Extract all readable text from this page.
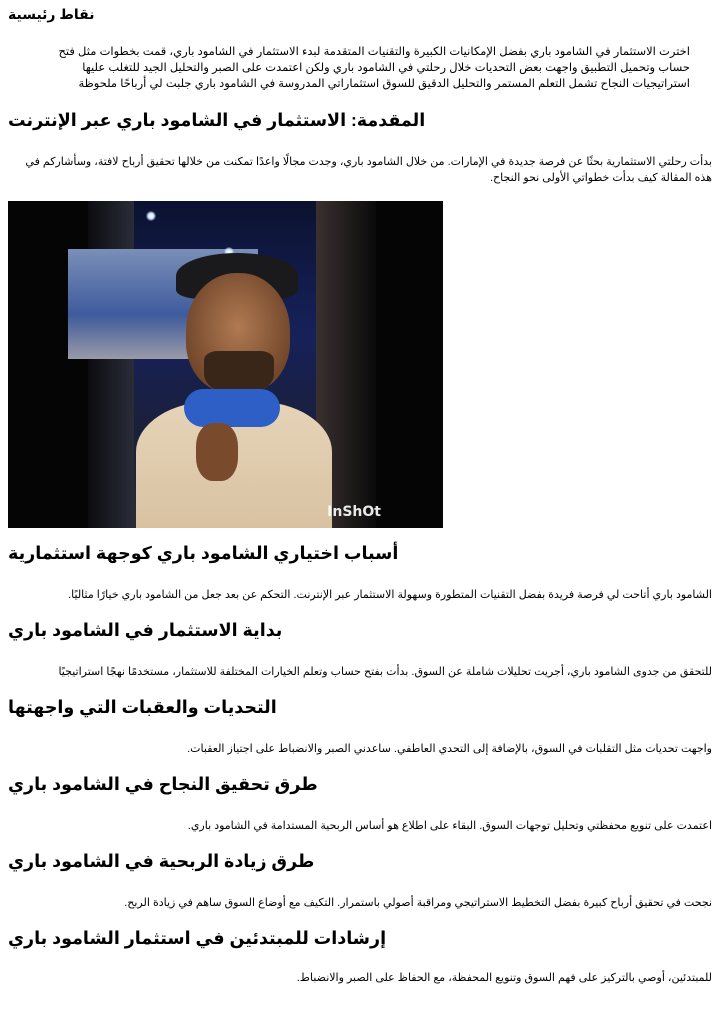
نقاط رئيسية
اخترت الاستثمار في الشامود باري بفضل الإمكانيات الكبيرة والتقنيات المتقدمة لبدء الاستثمار في الشامود باري، قمت بخطوات مثل فتح حساب وتحميل التطبيق واجهت بعض التحديات خلال رحلتي في الشامود باري ولكن اعتمدت على الصبر والتحليل الجيد للتغلب عليها استراتيجيات النجاح تشمل التعلم المستمر والتحليل الدقيق للسوق استثماراتي المدروسة في الشامود باري جلبت لي أرباحًا ملحوظة
المقدمة: الاستثمار في الشامود باري عبر الإنترنت
بدأت رحلتي الاستثمارية بحثًا عن فرصة جديدة في الإمارات. من خلال الشامود باري، وجدت مجالًا واعدًا تمكنت من خلالها تحقيق أرباح لافتة، وسأشاركم في هذه المقالة كيف بدأت خطواتي الأولى نحو النجاح.
InShOt
أسباب اختياري الشامود باري كوجهة استثمارية
الشامود باري أتاحت لي فرصة فريدة بفضل التقنيات المتطورة وسهولة الاستثمار عبر الإنترنت. التحكم عن بعد جعل من الشامود باري خيارًا مثاليًا.
بداية الاستثمار في الشامود باري
للتحقق من جدوى الشامود باري، أجريت تحليلات شاملة عن السوق. بدأت بفتح حساب وتعلم الخيارات المختلفة للاستثمار، مستخدمًا نهجًا استراتيجيًا
التحديات والعقبات التي واجهتها
واجهت تحديات مثل التقلبات في السوق، بالإضافة إلى التحدي العاطفي. ساعدني الصبر والانضباط على اجتياز العقبات.
طرق تحقيق النجاح في الشامود باري
اعتمدت على تنويع محفظتي وتحليل توجهات السوق. البقاء على اطلاع هو أساس الربحية المستدامة في الشامود باري.
طرق زيادة الربحية في الشامود باري
نجحت في تحقيق أرباح كبيرة بفضل التخطيط الاستراتيجي ومراقبة أصولي باستمرار. التكيف مع أوضاع السوق ساهم في زيادة الربح.
إرشادات للمبتدئين في استثمار الشامود باري
للمبتدئين، أوصي بالتركيز على فهم السوق وتنويع المحفظة، مع الحفاظ على الصبر والانضباط.
